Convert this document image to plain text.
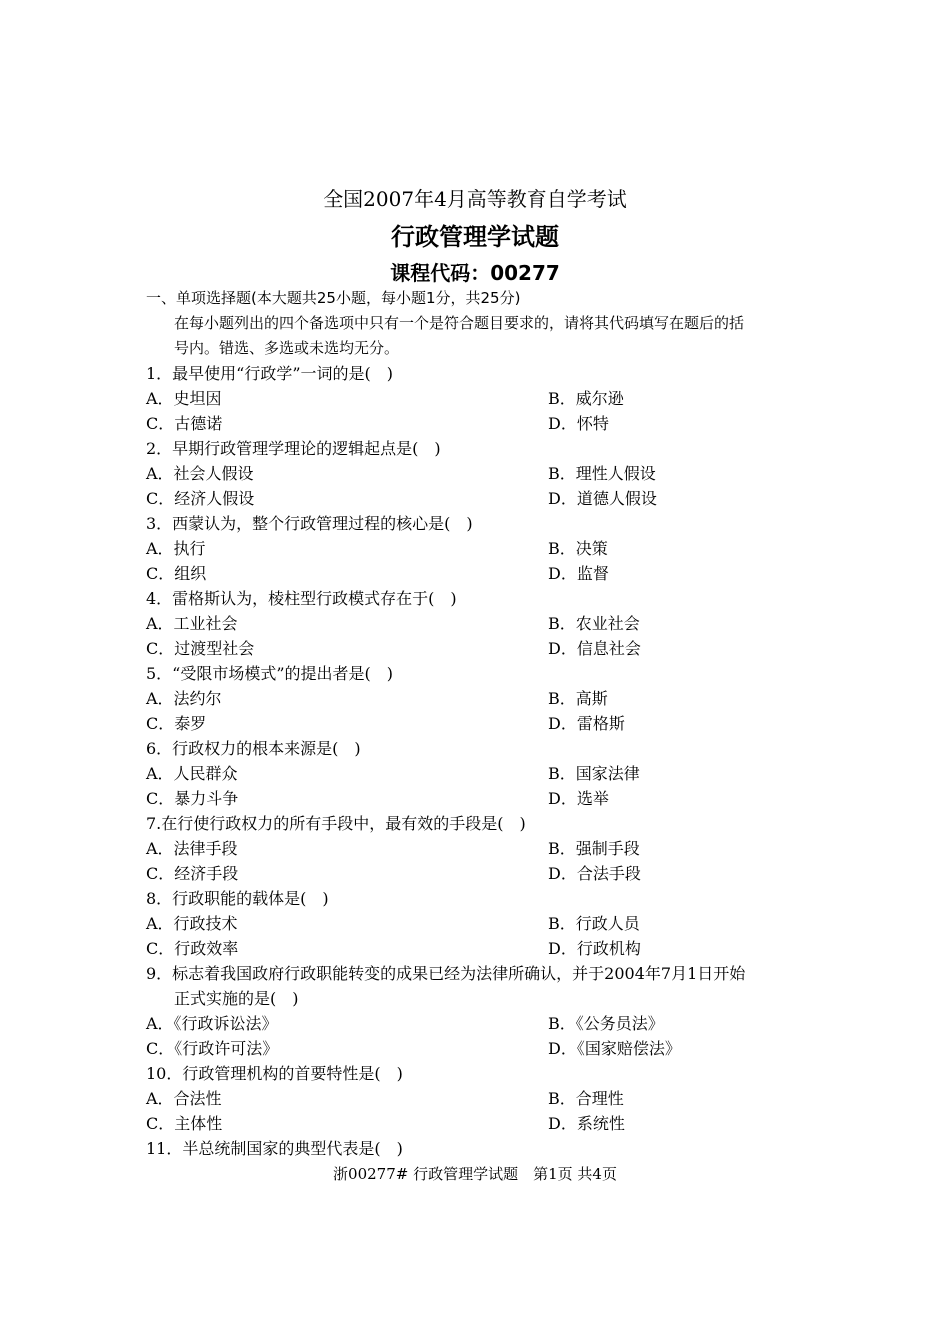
全国2007年4月高等教育自学考试
行政管理学试题
课程代码：00277
一、单项选择题(本大题共25小题，每小题1分，共25分)
在每小题列出的四个备选项中只有一个是符合题目要求的，请将其代码填写在题后的括
号内。错选、多选或未选均无分。
1．最早使用“行政学”一词的是(　)
A．史坦因	B．威尔逊
C．古德诺	D．怀特
2．早期行政管理学理论的逻辑起点是(　)
A．社会人假设	B．理性人假设
C．经济人假设	D．道德人假设
3．西蒙认为，整个行政管理过程的核心是(　)
A．执行	B．决策
C．组织	D．监督
4．雷格斯认为，棱柱型行政模式存在于(　)
A．工业社会	B．农业社会
C．过渡型社会	D．信息社会
5．“受限市场模式”的提出者是(　)
A．法约尔	B．高斯
C．泰罗	D．雷格斯
6．行政权力的根本来源是(　)
A．人民群众	B．国家法律
C．暴力斗争	D．选举
7.在行使行政权力的所有手段中，最有效的手段是(　)
A．法律手段	B．强制手段
C．经济手段	D．合法手段
8．行政职能的载体是(　)
A．行政技术	B．行政人员
C．行政效率	D．行政机构
9．标志着我国政府行政职能转变的成果已经为法律所确认，并于2004年7月1日开始
正式实施的是(　)
A．《行政诉讼法》	B．《公务员法》
C．《行政许可法》	D．《国家赔偿法》
10．行政管理机构的首要特性是(　)
A．合法性	B．合理性
C．主体性	D．系统性
11．半总统制国家的典型代表是(　)
浙00277# 行政管理学试题　第1页 共4页
